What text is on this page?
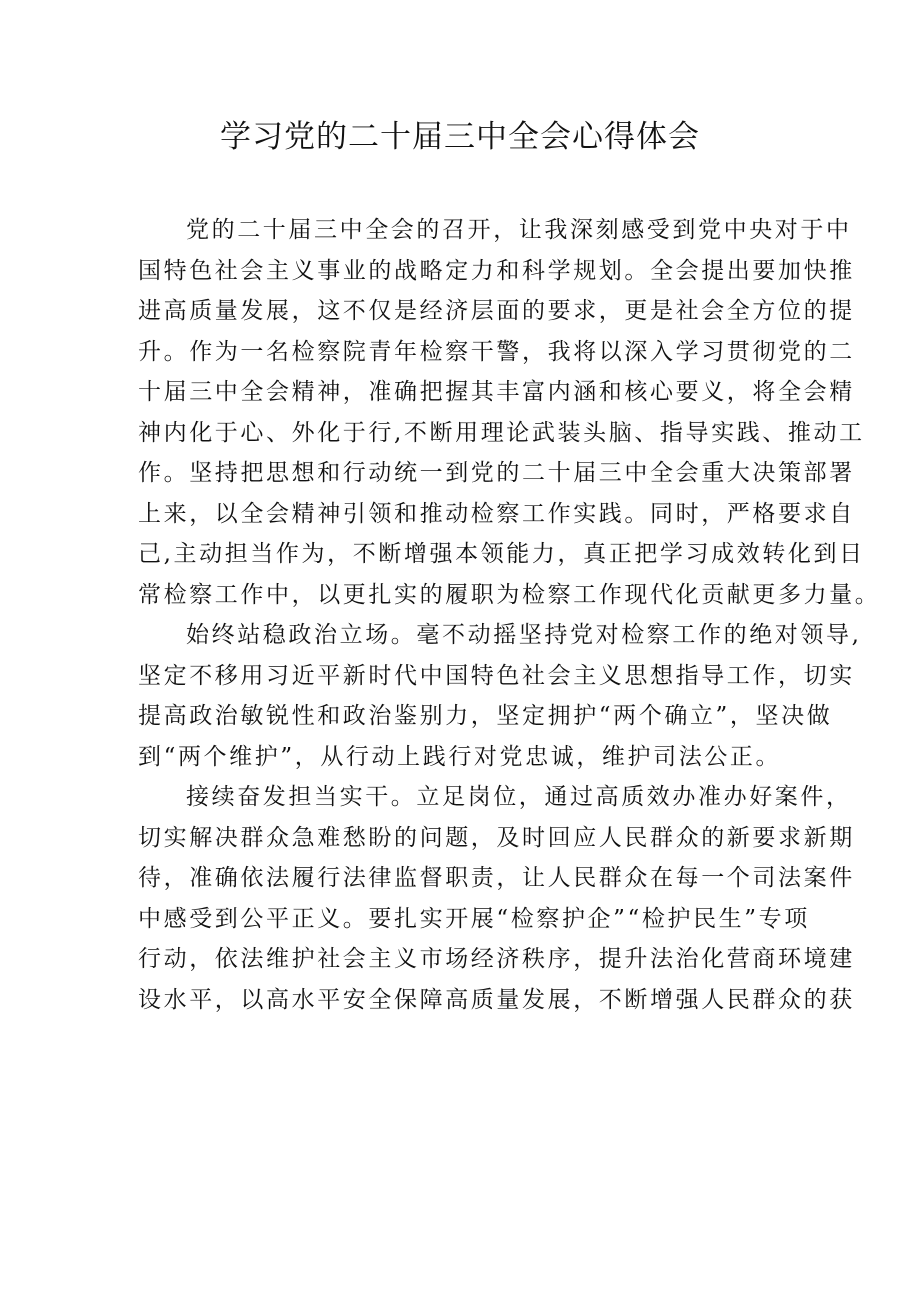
学习党的二十届三中全会心得体会
党的二十届三中全会的召开，让我深刻感受到党中央对于中
国特色社会主义事业的战略定力和科学规划。全会提出要加快推
进高质量发展，这不仅是经济层面的要求，更是社会全方位的提
升。作为一名检察院青年检察干警，我将以深入学习贯彻党的二
十届三中全会精神，准确把握其丰富内涵和核心要义，将全会精
神内化于心、外化于行,不断用理论武装头脑、指导实践、推动工
作。坚持把思想和行动统一到党的二十届三中全会重大决策部署
上来，以全会精神引领和推动检察工作实践。同时，严格要求自
己,主动担当作为，不断增强本领能力，真正把学习成效转化到日
常检察工作中，以更扎实的履职为检察工作现代化贡献更多力量。
始终站稳政治立场。毫不动摇坚持党对检察工作的绝对领导,
坚定不移用习近平新时代中国特色社会主义思想指导工作，切实
提高政治敏锐性和政治鉴别力，坚定拥护“两个确立”，坚决做
到“两个维护”，从行动上践行对党忠诚，维护司法公正。
接续奋发担当实干。立足岗位，通过高质效办准办好案件，
切实解决群众急难愁盼的问题，及时回应人民群众的新要求新期
待，准确依法履行法律监督职责，让人民群众在每一个司法案件
中感受到公平正义。要扎实开展“检察护企”“检护民生”专项
行动，依法维护社会主义市场经济秩序，提升法治化营商环境建
设水平，以高水平安全保障高质量发展，不断增强人民群众的获
